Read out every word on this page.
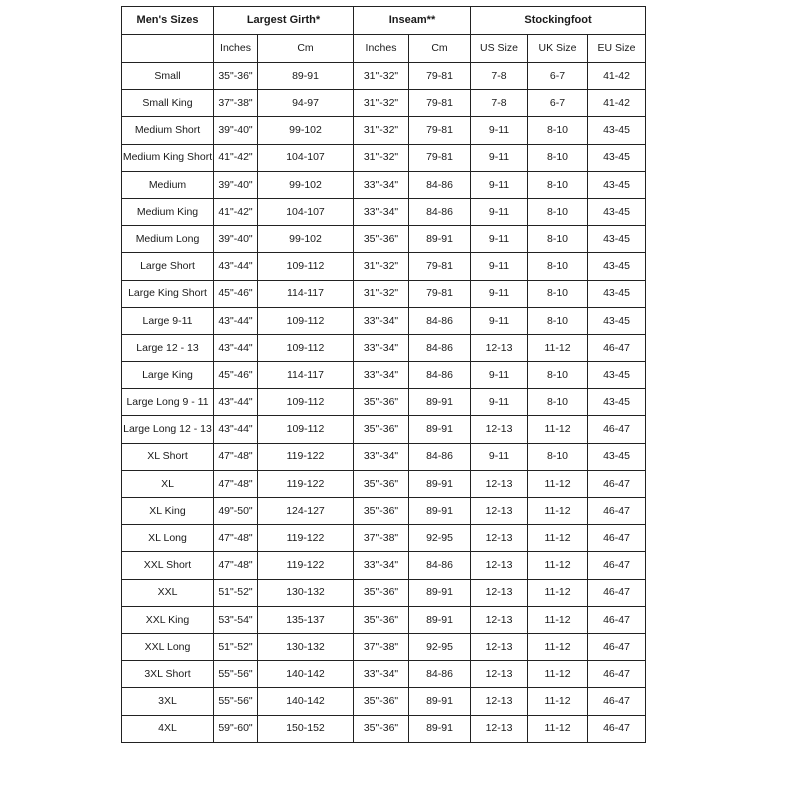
Men's Sizes	Largest Girth*		Inseam**		Stockingfoot		
	Inches	Cm	Inches	Cm	US Size	UK Size	EU Size
Small	35"-36"	89-91	31"-32"	79-81	7-8	6-7	41-42
Small King	37"-38"	94-97	31"-32"	79-81	7-8	6-7	41-42
Medium Short	39"-40"	99-102	31"-32"	79-81	9-11	8-10	43-45
Medium King Short	41"-42"	104-107	31"-32"	79-81	9-11	8-10	43-45
Medium	39"-40"	99-102	33"-34"	84-86	9-11	8-10	43-45
Medium King	41"-42"	104-107	33"-34"	84-86	9-11	8-10	43-45
Medium Long	39"-40"	99-102	35"-36"	89-91	9-11	8-10	43-45
Large Short	43"-44"	109-112	31"-32"	79-81	9-11	8-10	43-45
Large King Short	45"-46"	114-117	31"-32"	79-81	9-11	8-10	43-45
Large 9-11	43"-44"	109-112	33"-34"	84-86	9-11	8-10	43-45
Large 12 - 13	43"-44"	109-112	33"-34"	84-86	12-13	11-12	46-47
Large King	45"-46"	114-117	33"-34"	84-86	9-11	8-10	43-45
Large Long 9 - 11	43"-44"	109-112	35"-36"	89-91	9-11	8-10	43-45
Large Long 12 - 13	43"-44"	109-112	35"-36"	89-91	12-13	11-12	46-47
XL Short	47"-48"	119-122	33"-34"	84-86	9-11	8-10	43-45
XL	47"-48"	119-122	35"-36"	89-91	12-13	11-12	46-47
XL King	49"-50"	124-127	35"-36"	89-91	12-13	11-12	46-47
XL Long	47"-48"	119-122	37"-38"	92-95	12-13	11-12	46-47
XXL Short	47"-48"	119-122	33"-34"	84-86	12-13	11-12	46-47
XXL	51"-52"	130-132	35"-36"	89-91	12-13	11-12	46-47
XXL King	53"-54"	135-137	35"-36"	89-91	12-13	11-12	46-47
XXL Long	51"-52"	130-132	37"-38"	92-95	12-13	11-12	46-47
3XL Short	55"-56"	140-142	33"-34"	84-86	12-13	11-12	46-47
3XL	55"-56"	140-142	35"-36"	89-91	12-13	11-12	46-47
4XL	59"-60"	150-152	35"-36"	89-91	12-13	11-12	46-47
